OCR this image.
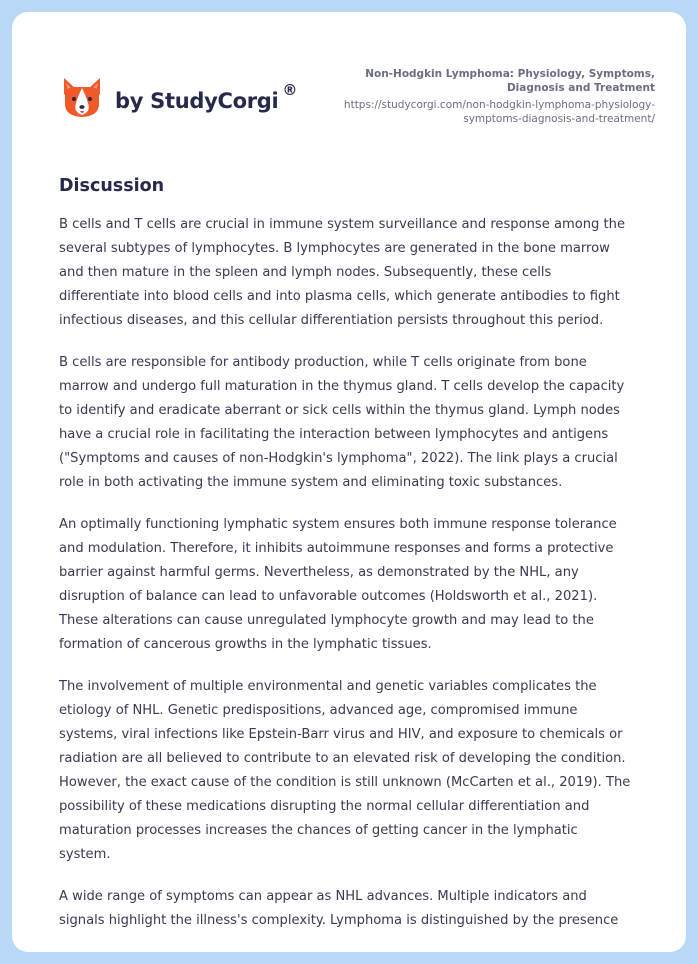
by StudyCorgi ®
Non-Hodgkin Lymphoma: Physiology, Symptoms,
Diagnosis and Treatment
https://studycorgi.com/non-hodgkin-lymphoma-physiology-
symptoms-diagnosis-and-treatment/
Discussion

B cells and T cells are crucial in immune system surveillance and response among the
several subtypes of lymphocytes. B lymphocytes are generated in the bone marrow
and then mature in the spleen and lymph nodes. Subsequently, these cells
differentiate into blood cells and into plasma cells, which generate antibodies to fight
infectious diseases, and this cellular differentiation persists throughout this period.

B cells are responsible for antibody production, while T cells originate from bone
marrow and undergo full maturation in the thymus gland. T cells develop the capacity
to identify and eradicate aberrant or sick cells within the thymus gland. Lymph nodes
have a crucial role in facilitating the interaction between lymphocytes and antigens
("Symptoms and causes of non-Hodgkin's lymphoma", 2022). The link plays a crucial
role in both activating the immune system and eliminating toxic substances.

An optimally functioning lymphatic system ensures both immune response tolerance
and modulation. Therefore, it inhibits autoimmune responses and forms a protective
barrier against harmful germs. Nevertheless, as demonstrated by the NHL, any
disruption of balance can lead to unfavorable outcomes (Holdsworth et al., 2021).
These alterations can cause unregulated lymphocyte growth and may lead to the
formation of cancerous growths in the lymphatic tissues.

The involvement of multiple environmental and genetic variables complicates the
etiology of NHL. Genetic predispositions, advanced age, compromised immune
systems, viral infections like Epstein-Barr virus and HIV, and exposure to chemicals or
radiation are all believed to contribute to an elevated risk of developing the condition.
However, the exact cause of the condition is still unknown (McCarten et al., 2019). The
possibility of these medications disrupting the normal cellular differentiation and
maturation processes increases the chances of getting cancer in the lymphatic
system.

A wide range of symptoms can appear as NHL advances. Multiple indicators and
signals highlight the illness's complexity. Lymphoma is distinguished by the presence
